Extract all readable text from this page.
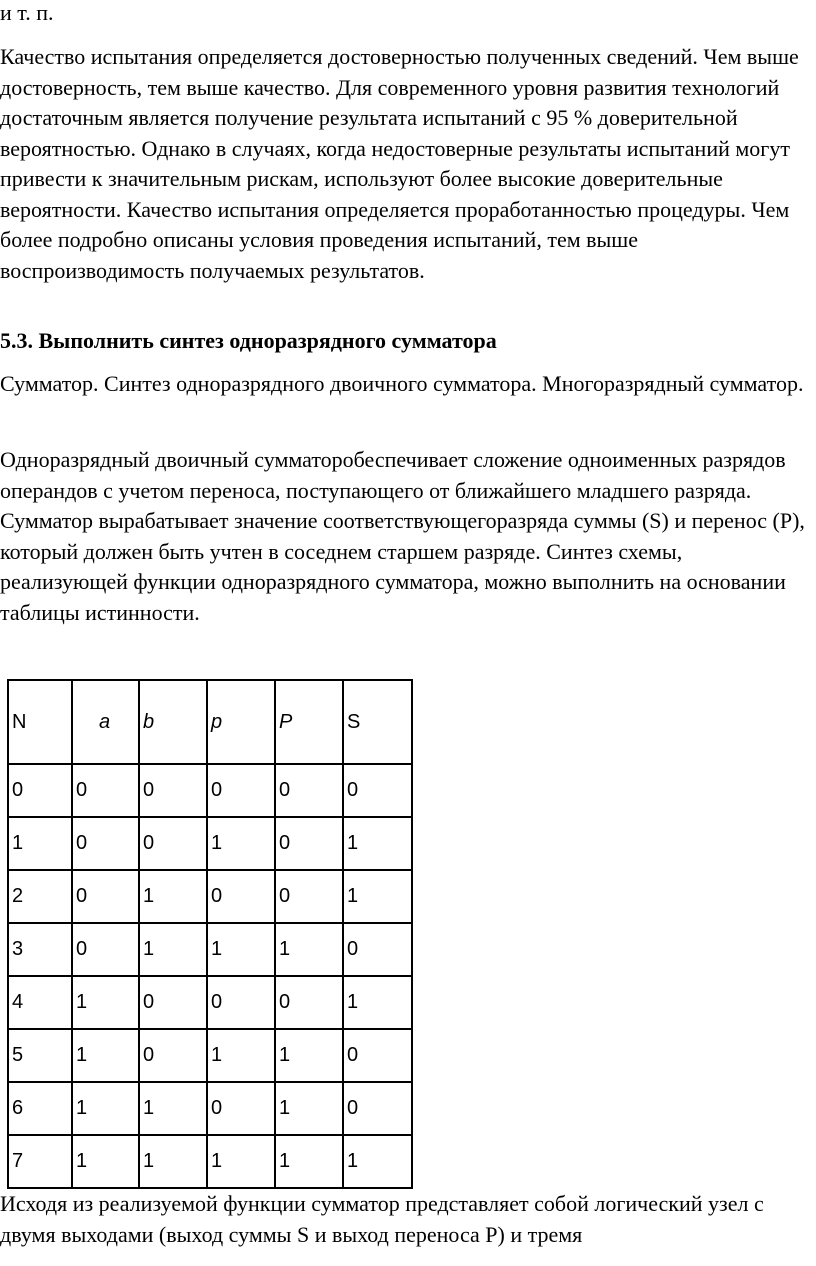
и т. п.

Качество испытания определяется достоверностью полученных сведений. Чем выше достоверность, тем выше качество. Для современного уровня развития технологий достаточным является получение результата испытаний с 95 % доверительной вероятностью. Однако в случаях, когда недостоверные результаты испытаний могут привести к значительным рискам, используют более высокие доверительные вероятности. Качество испытания определяется проработанностью процедуры. Чем более подробно описаны условия проведения испытаний, тем выше воспроизводимость получаемых результатов.

5.3. Выполнить синтез одноразрядного сумматора

Сумматор. Синтез одноразрядного двоичного сумматора. Многоразрядный сумматор.

Одноразрядный двоичный сумматоробеспечивает сложение одноименных разрядов операндов с учетом переноса, поступающего от ближайшего младшего разряда. Сумматор вырабатывает значение соответствующегоразряда суммы (S) и перенос (P), который должен быть учтен в соседнем старшем разряде. Синтез схемы, реализующей функции одноразрядного сумматора, можно выполнить на основании таблицы истинности.

N	a	b	p	P	S
0	0	0	0	0	0
1	0	0	1	0	1
2	0	1	0	0	1
3	0	1	1	1	0
4	1	0	0	0	1
5	1	0	1	1	0
6	1	1	0	1	0
7	1	1	1	1	1

Исходя из реализуемой функции сумматор представляет собой логический узел с двумя выходами (выход суммы S и выход переноса P) и тремя
